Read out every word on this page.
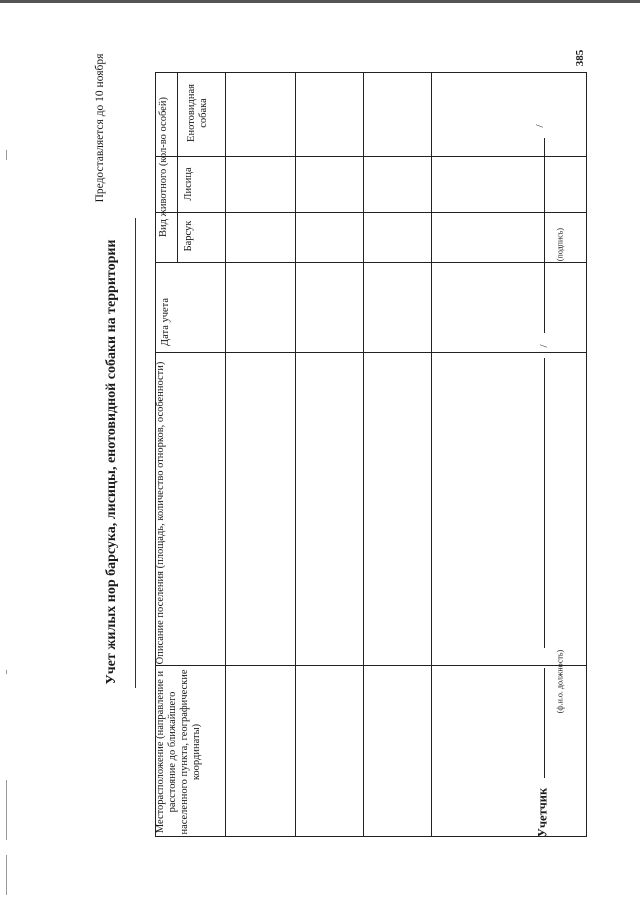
385
Предоставляется до 10 ноября
Учет жилых нор барсука, лисицы, енотовидной собаки на территории
Месторасположение (направление и расстояние до ближайшего населенного пункта, географические координаты)
Описание поселения (площадь, количество отнорков, особенности)
Дата учета
Вид животного (кол-во особей)	Барсук
Лисица
Енотовидная собака
Учетчик
/
/
(ф.и.о. должность)
(подпись)
